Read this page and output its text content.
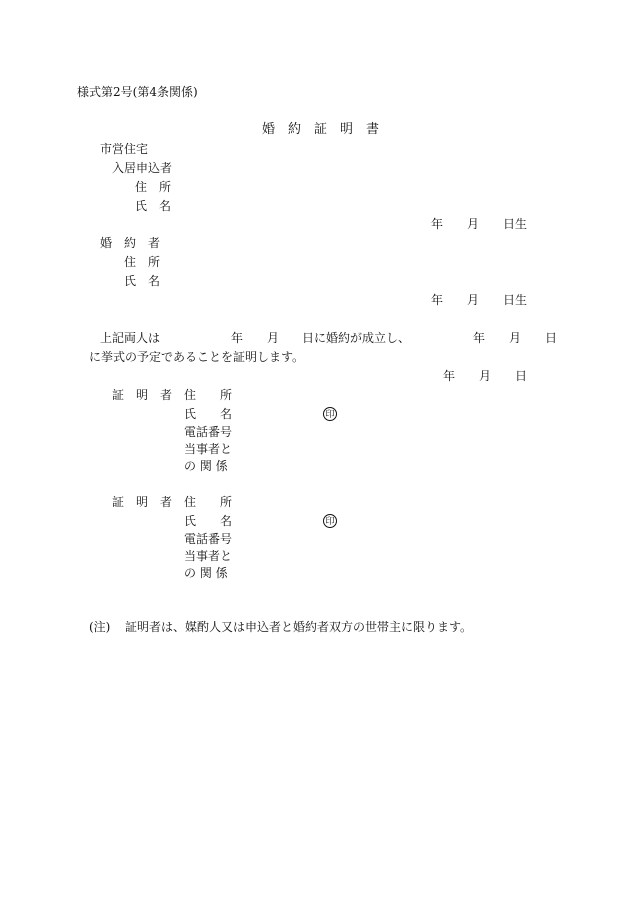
様式第2号(第4条関係)
婚　約　証　明　書
市営住宅
入居申込者
住　所
氏　名
年 月 日生
婚　約　者
住　所
氏　名
年 月 日生
上記両人は	年 月 日に婚約が成立し、	年 月 日
に挙式の予定であることを証明します。
年 月 日
証　明　者 住　　所
氏　　名	印
電話番号
当事者と
の 関 係
証　明　者 住　　所
氏　　名	印
電話番号
当事者と
の 関 係
(注) 証明者は、媒酌人又は申込者と婚約者双方の世帯主に限ります。
